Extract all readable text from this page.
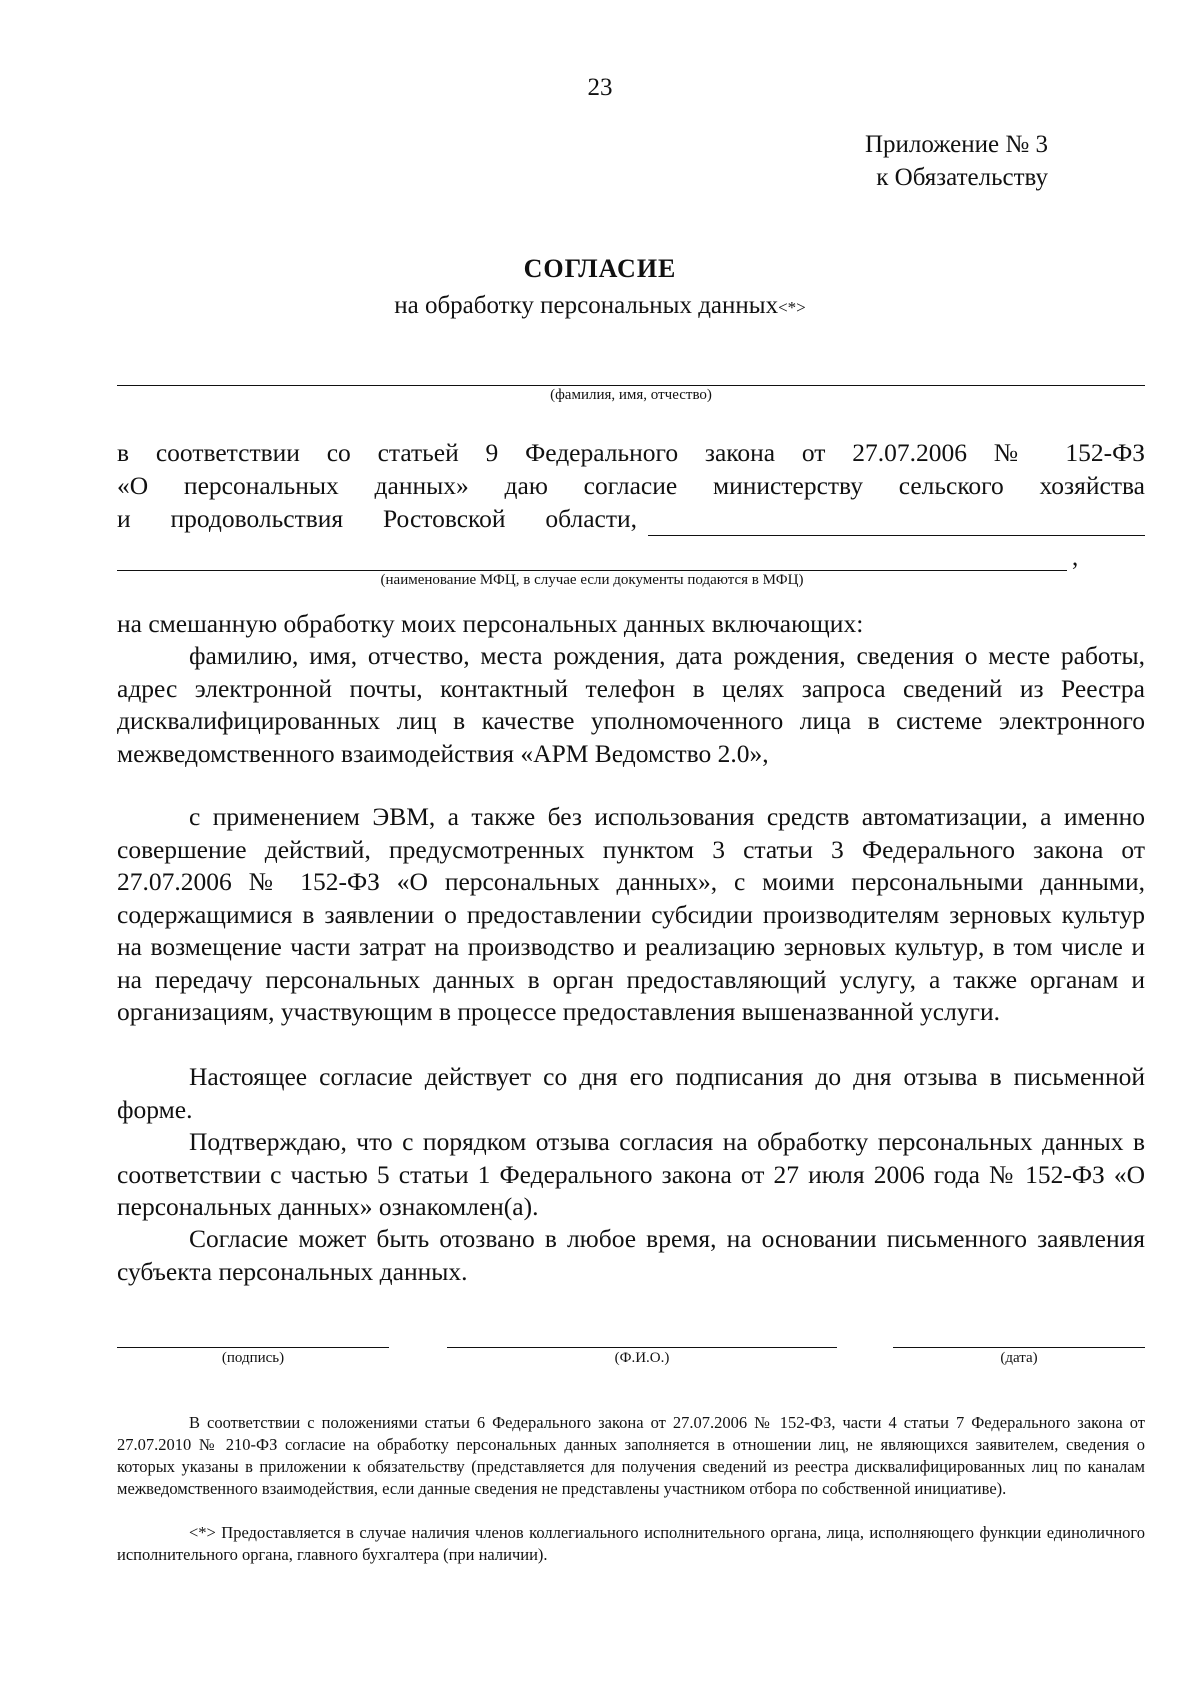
23
Приложение № 3
к Обязательству
СОГЛАСИЕ
на обработку персональных данных<*>
(фамилия, имя, отчество)
в соответствии со статьей 9 Федерального закона от 27.07.2006 № 152-ФЗ
«О персональных данных» даю согласие министерству сельского хозяйства
и продовольствия Ростовской области,
,
(наименование МФЦ, в случае если документы подаются в МФЦ)
на смешанную обработку моих персональных данных включающих:
фамилию, имя, отчество, места рождения, дата рождения, сведения о месте работы, адрес электронной почты, контактный телефон в целях запроса сведений из Реестра дисквалифицированных лиц в качестве уполномоченного лица в системе электронного межведомственного взаимодействия «АРМ Ведомство 2.0»,
с применением ЭВМ, а также без использования средств автоматизации, а именно совершение действий, предусмотренных пунктом 3 статьи 3 Федерального закона от 27.07.2006 № 152-ФЗ «О персональных данных», с моими персональными данными, содержащимися в заявлении о предоставлении субсидии производителям зерновых культур на возмещение части затрат на производство и реализацию зерновых культур, в том числе и на передачу персональных данных в орган предоставляющий услугу, а также органам и организациям, участвующим в процессе предоставления вышеназванной услуги.
Настоящее согласие действует со дня его подписания до дня отзыва в письменной форме.
Подтверждаю, что с порядком отзыва согласия на обработку персональных данных в соответствии с частью 5 статьи 1 Федерального закона от 27 июля 2006 года № 152-ФЗ «О персональных данных» ознакомлен(а).
Согласие может быть отозвано в любое время, на основании письменного заявления субъекта персональных данных.
(подпись)	(Ф.И.О.)	(дата)
В соответствии с положениями статьи 6 Федерального закона от 27.07.2006 № 152-ФЗ, части 4 статьи 7 Федерального закона от 27.07.2010 № 210-ФЗ согласие на обработку персональных данных заполняется в отношении лиц, не являющихся заявителем, сведения о которых указаны в приложении к обязательству (представляется для получения сведений из реестра дисквалифицированных лиц по каналам межведомственного взаимодействия, если данные сведения не представлены участником отбора по собственной инициативе).
<*> Предоставляется в случае наличия членов коллегиального исполнительного органа, лица, исполняющего функции единоличного исполнительного органа, главного бухгалтера (при наличии).
